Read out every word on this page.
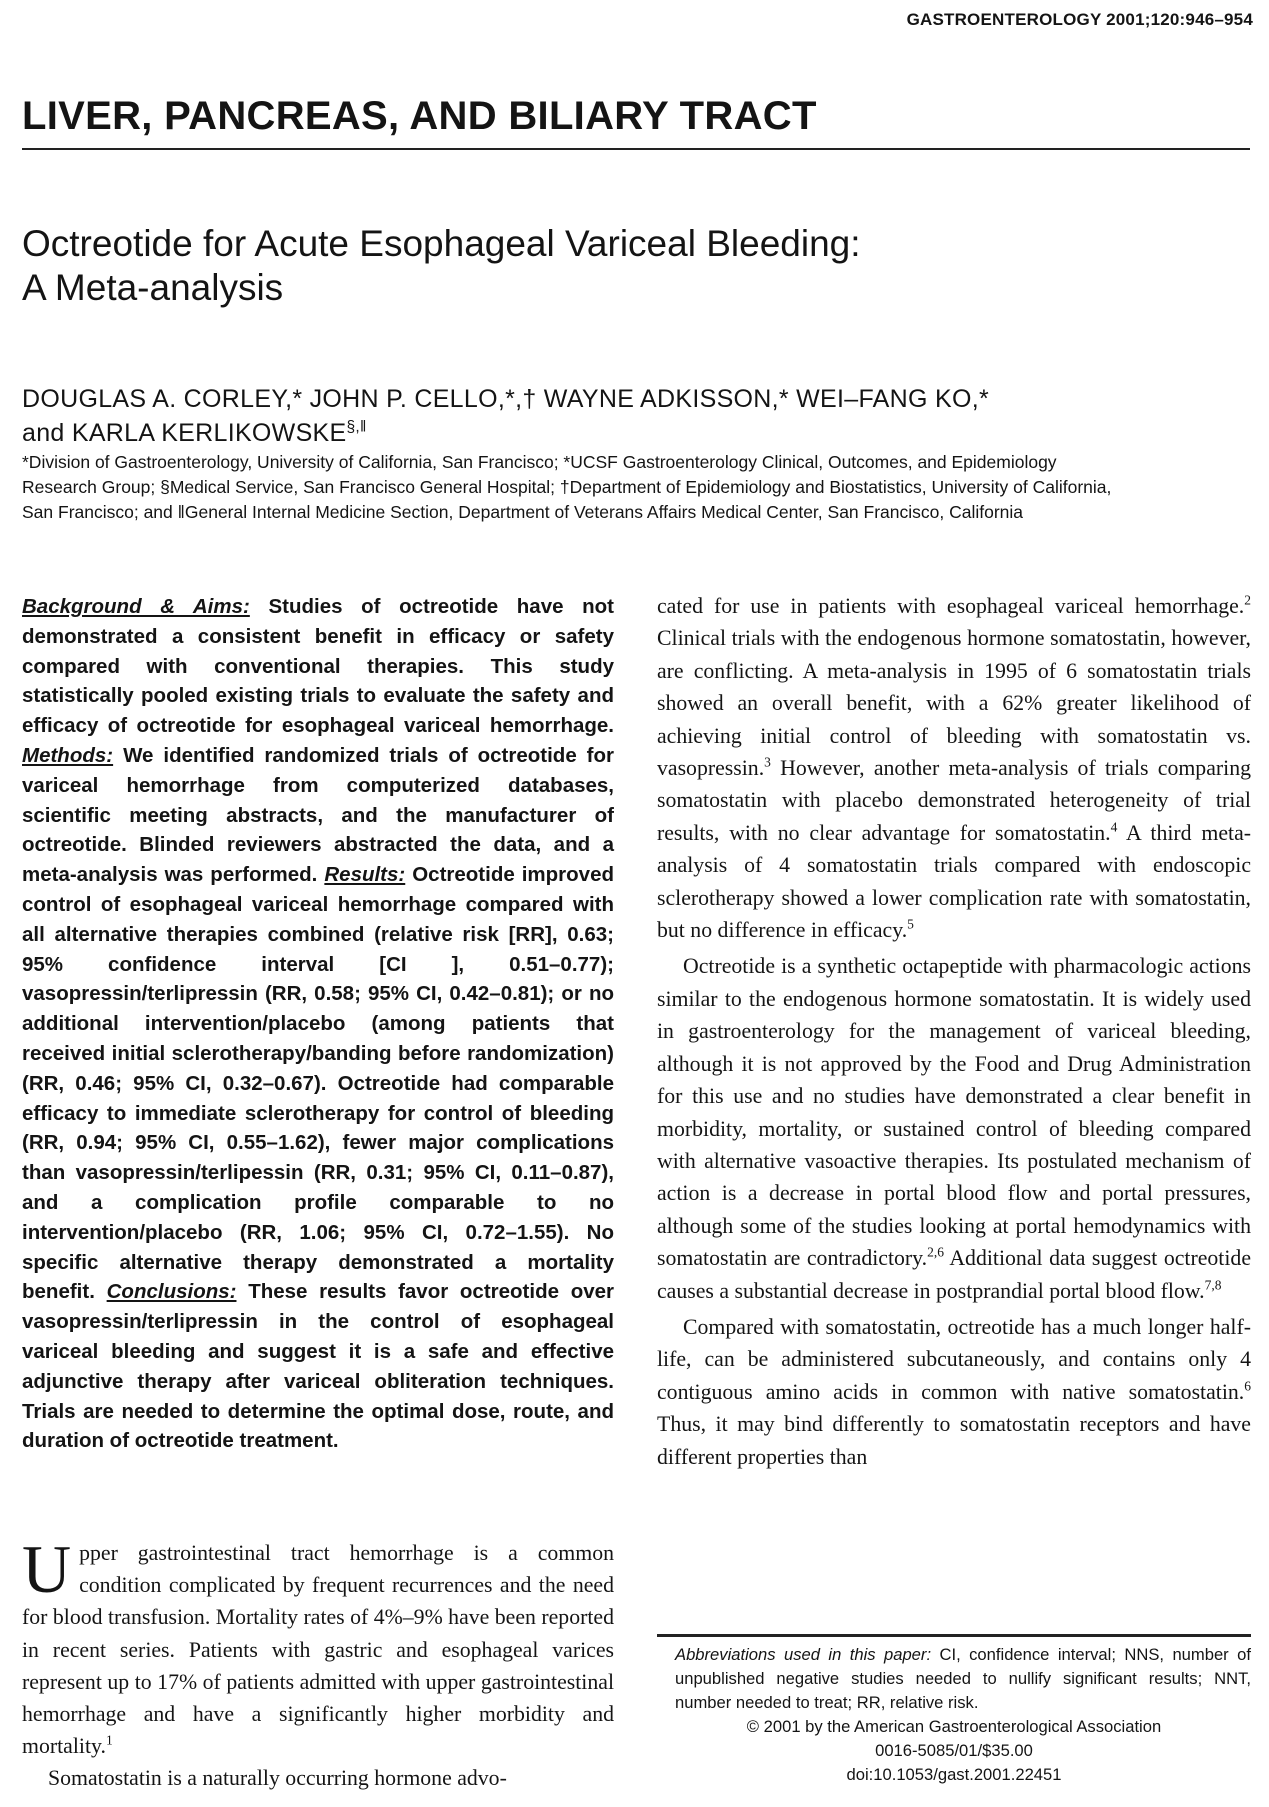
GASTROENTEROLOGY 2001;120:946–954
LIVER, PANCREAS, AND BILIARY TRACT
Octreotide for Acute Esophageal Variceal Bleeding:
A Meta-analysis
DOUGLAS A. CORLEY,* JOHN P. CELLO,*,† WAYNE ADKISSON,* WEI–FANG KO,*
and KARLA KERLIKOWSKE§,‖
*Division of Gastroenterology, University of California, San Francisco; *UCSF Gastroenterology Clinical, Outcomes, and Epidemiology
Research Group; §Medical Service, San Francisco General Hospital; †Department of Epidemiology and Biostatistics, University of California,
San Francisco; and ‖General Internal Medicine Section, Department of Veterans Affairs Medical Center, San Francisco, California
Background & Aims: Studies of octreotide have not demonstrated a consistent benefit in efficacy or safety compared with conventional therapies. This study statistically pooled existing trials to evaluate the safety and efficacy of octreotide for esophageal variceal hemorrhage. Methods: We identified randomized trials of octreotide for variceal hemorrhage from computerized databases, scientific meeting abstracts, and the manufacturer of octreotide. Blinded reviewers abstracted the data, and a meta-analysis was performed. Results: Octreotide improved control of esophageal variceal hemorrhage compared with all alternative therapies combined (relative risk [RR], 0.63; 95% confidence interval [CI ], 0.51–0.77); vasopressin/terlipressin (RR, 0.58; 95% CI, 0.42–0.81); or no additional intervention/placebo (among patients that received initial sclerotherapy/banding before randomization) (RR, 0.46; 95% CI, 0.32–0.67). Octreotide had comparable efficacy to immediate sclerotherapy for control of bleeding (RR, 0.94; 95% CI, 0.55–1.62), fewer major complications than vasopressin/terlipessin (RR, 0.31; 95% CI, 0.11–0.87), and a complication profile comparable to no intervention/placebo (RR, 1.06; 95% CI, 0.72–1.55). No specific alternative therapy demonstrated a mortality benefit. Conclusions: These results favor octreotide over vasopressin/terlipressin in the control of esophageal variceal bleeding and suggest it is a safe and effective adjunctive therapy after variceal obliteration techniques. Trials are needed to determine the optimal dose, route, and duration of octreotide treatment.

Upper gastrointestinal tract hemorrhage is a common condition complicated by frequent recurrences and the need for blood transfusion. Mortality rates of 4%–9% have been reported in recent series. Patients with gastric and esophageal varices represent up to 17% of patients admitted with upper gastrointestinal hemorrhage and have a significantly higher morbidity and mortality.$^1$

Somatostatin is a naturally occurring hormone advo-

cated for use in patients with esophageal variceal hemorrhage.$^2$ Clinical trials with the endogenous hormone somatostatin, however, are conflicting. A meta-analysis in 1995 of 6 somatostatin trials showed an overall benefit, with a 62% greater likelihood of achieving initial control of bleeding with somatostatin vs. vasopressin.$^3$ However, another meta-analysis of trials comparing somatostatin with placebo demonstrated heterogeneity of trial results, with no clear advantage for somatostatin.$^4$ A third meta-analysis of 4 somatostatin trials compared with endoscopic sclerotherapy showed a lower complication rate with somatostatin, but no difference in efficacy.$^5$

Octreotide is a synthetic octapeptide with pharmacologic actions similar to the endogenous hormone somatostatin. It is widely used in gastroenterology for the management of variceal bleeding, although it is not approved by the Food and Drug Administration for this use and no studies have demonstrated a clear benefit in morbidity, mortality, or sustained control of bleeding compared with alternative vasoactive therapies. Its postulated mechanism of action is a decrease in portal blood flow and portal pressures, although some of the studies looking at portal hemodynamics with somatostatin are contradictory.$^{2,6}$ Additional data suggest octreotide causes a substantial decrease in postprandial portal blood flow.$^{7,8}$

Compared with somatostatin, octreotide has a much longer half-life, can be administered subcutaneously, and contains only 4 contiguous amino acids in common with native somatostatin.$^6$ Thus, it may bind differently to somatostatin receptors and have different properties than

Abbreviations used in this paper: CI, confidence interval; NNS, number of unpublished negative studies needed to nullify significant results; NNT, number needed to treat; RR, relative risk.
© 2001 by the American Gastroenterological Association
0016-5085/01/$35.00
doi:10.1053/gast.2001.22451
